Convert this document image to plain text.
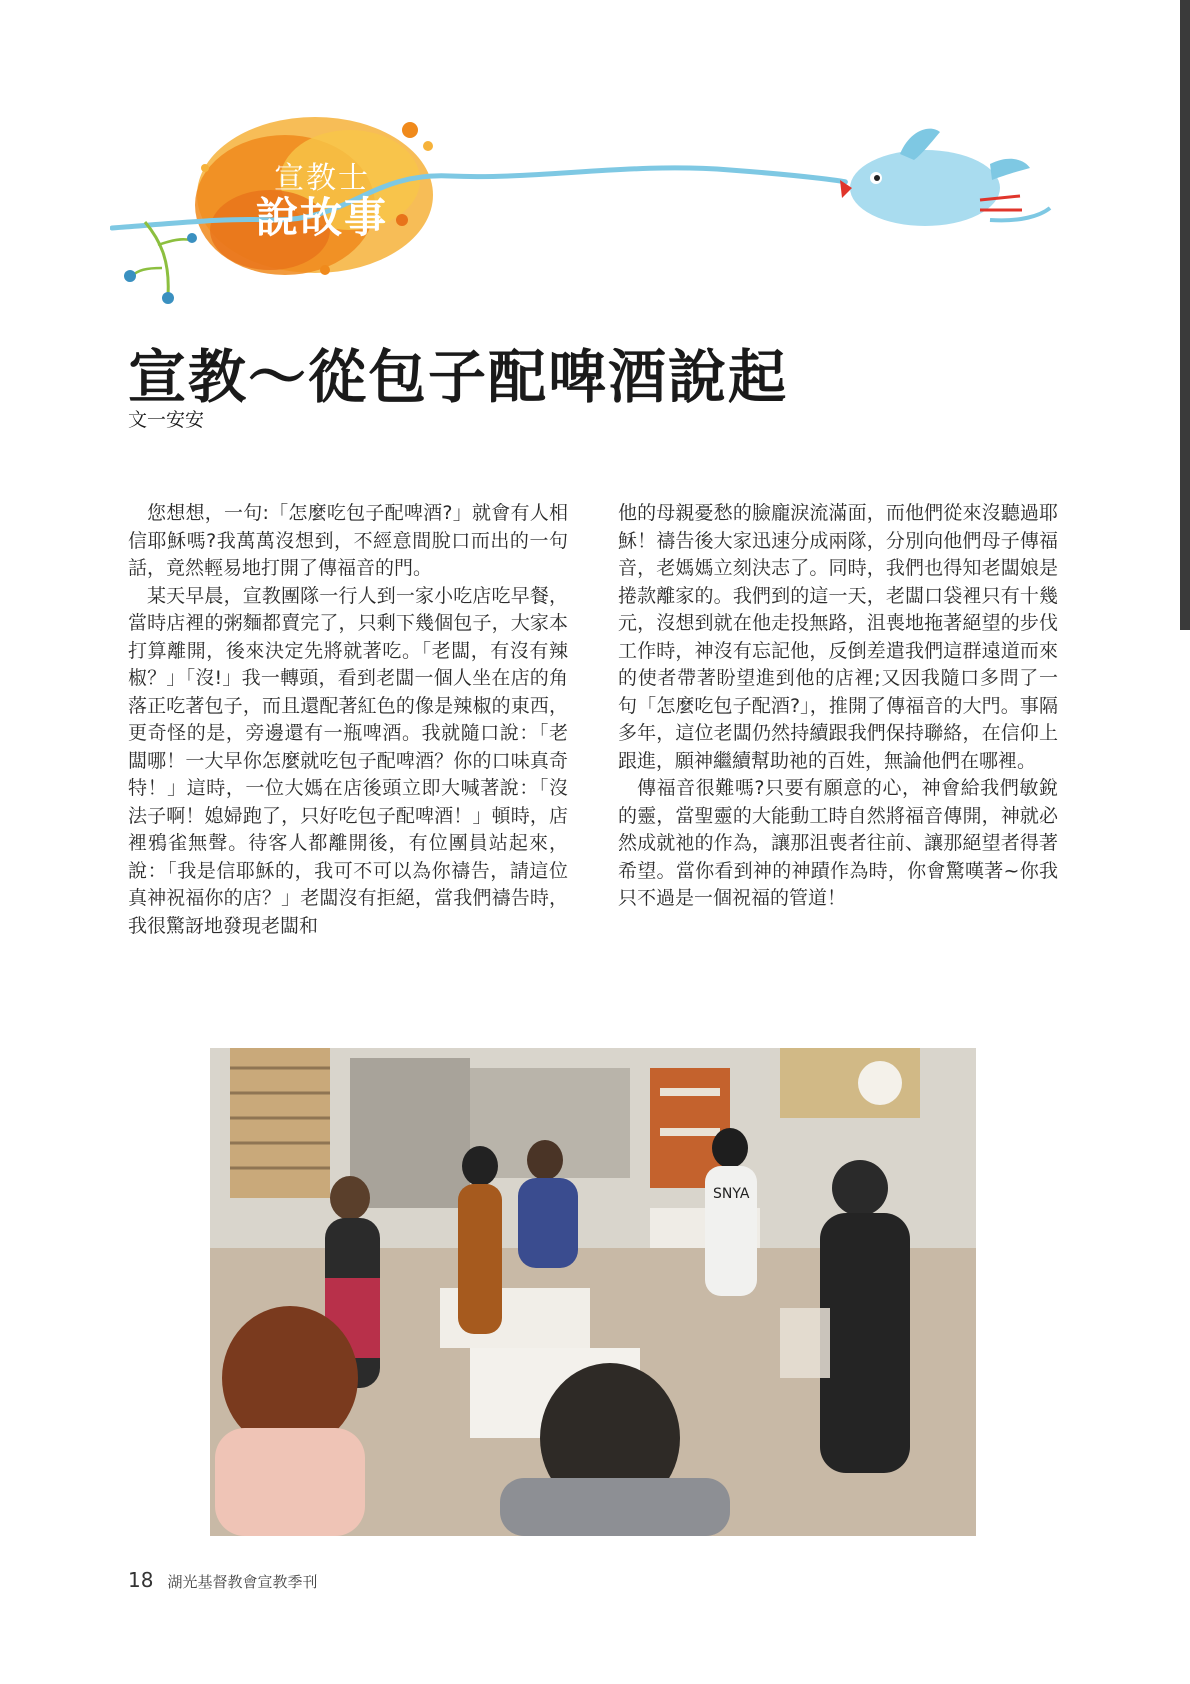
宣教士
說故事
宣教～從包子配啤酒說起
文一安安

您想想，一句:「怎麼吃包子配啤酒?」就會有人相信耶穌嗎?我萬萬沒想到，不經意間脫口而出的一句話，竟然輕易地打開了傳福音的門。

某天早晨，宣教團隊一行人到一家小吃店吃早餐，當時店裡的粥麵都賣完了，只剩下幾個包子，大家本打算離開，後來決定先將就著吃。「老闆，有沒有辣椒？」「沒!」我一轉頭，看到老闆一個人坐在店的角落正吃著包子，而且還配著紅色的像是辣椒的東西，更奇怪的是，旁邊還有一瓶啤酒。我就隨口說：「老闆哪！一大早你怎麼就吃包子配啤酒？你的口味真奇特！」這時，一位大媽在店後頭立即大喊著說：「沒法子啊！媳婦跑了，只好吃包子配啤酒！」頓時，店裡鴉雀無聲。待客人都離開後，有位團員站起來，說：「我是信耶穌的，我可不可以為你禱告，請這位真神祝福你的店？」老闆沒有拒絕，當我們禱告時，我很驚訝地發現老闆和

他的母親憂愁的臉龐淚流滿面，而他們從來沒聽過耶穌！禱告後大家迅速分成兩隊，分別向他們母子傳福音，老媽媽立刻決志了。同時，我們也得知老闆娘是捲款離家的。我們到的這一天，老闆口袋裡只有十幾元，沒想到就在他走投無路，沮喪地拖著絕望的步伐工作時，神沒有忘記他，反倒差遣我們這群遠道而來的使者帶著盼望進到他的店裡;又因我隨口多問了一句「怎麼吃包子配酒?」，推開了傳福音的大門。事隔多年，這位老闆仍然持續跟我們保持聯絡，在信仰上跟進，願神繼續幫助祂的百姓，無論他們在哪裡。

傳福音很難嗎?只要有願意的心，神會給我們敏銳的靈，當聖靈的大能動工時自然將福音傳開，神就必然成就祂的作為，讓那沮喪者往前、讓那絕望者得著希望。當你看到神的神蹟作為時，你會驚嘆著~你我只不過是一個祝福的管道！

SNYA
18 湖光基督教會宣教季刊
